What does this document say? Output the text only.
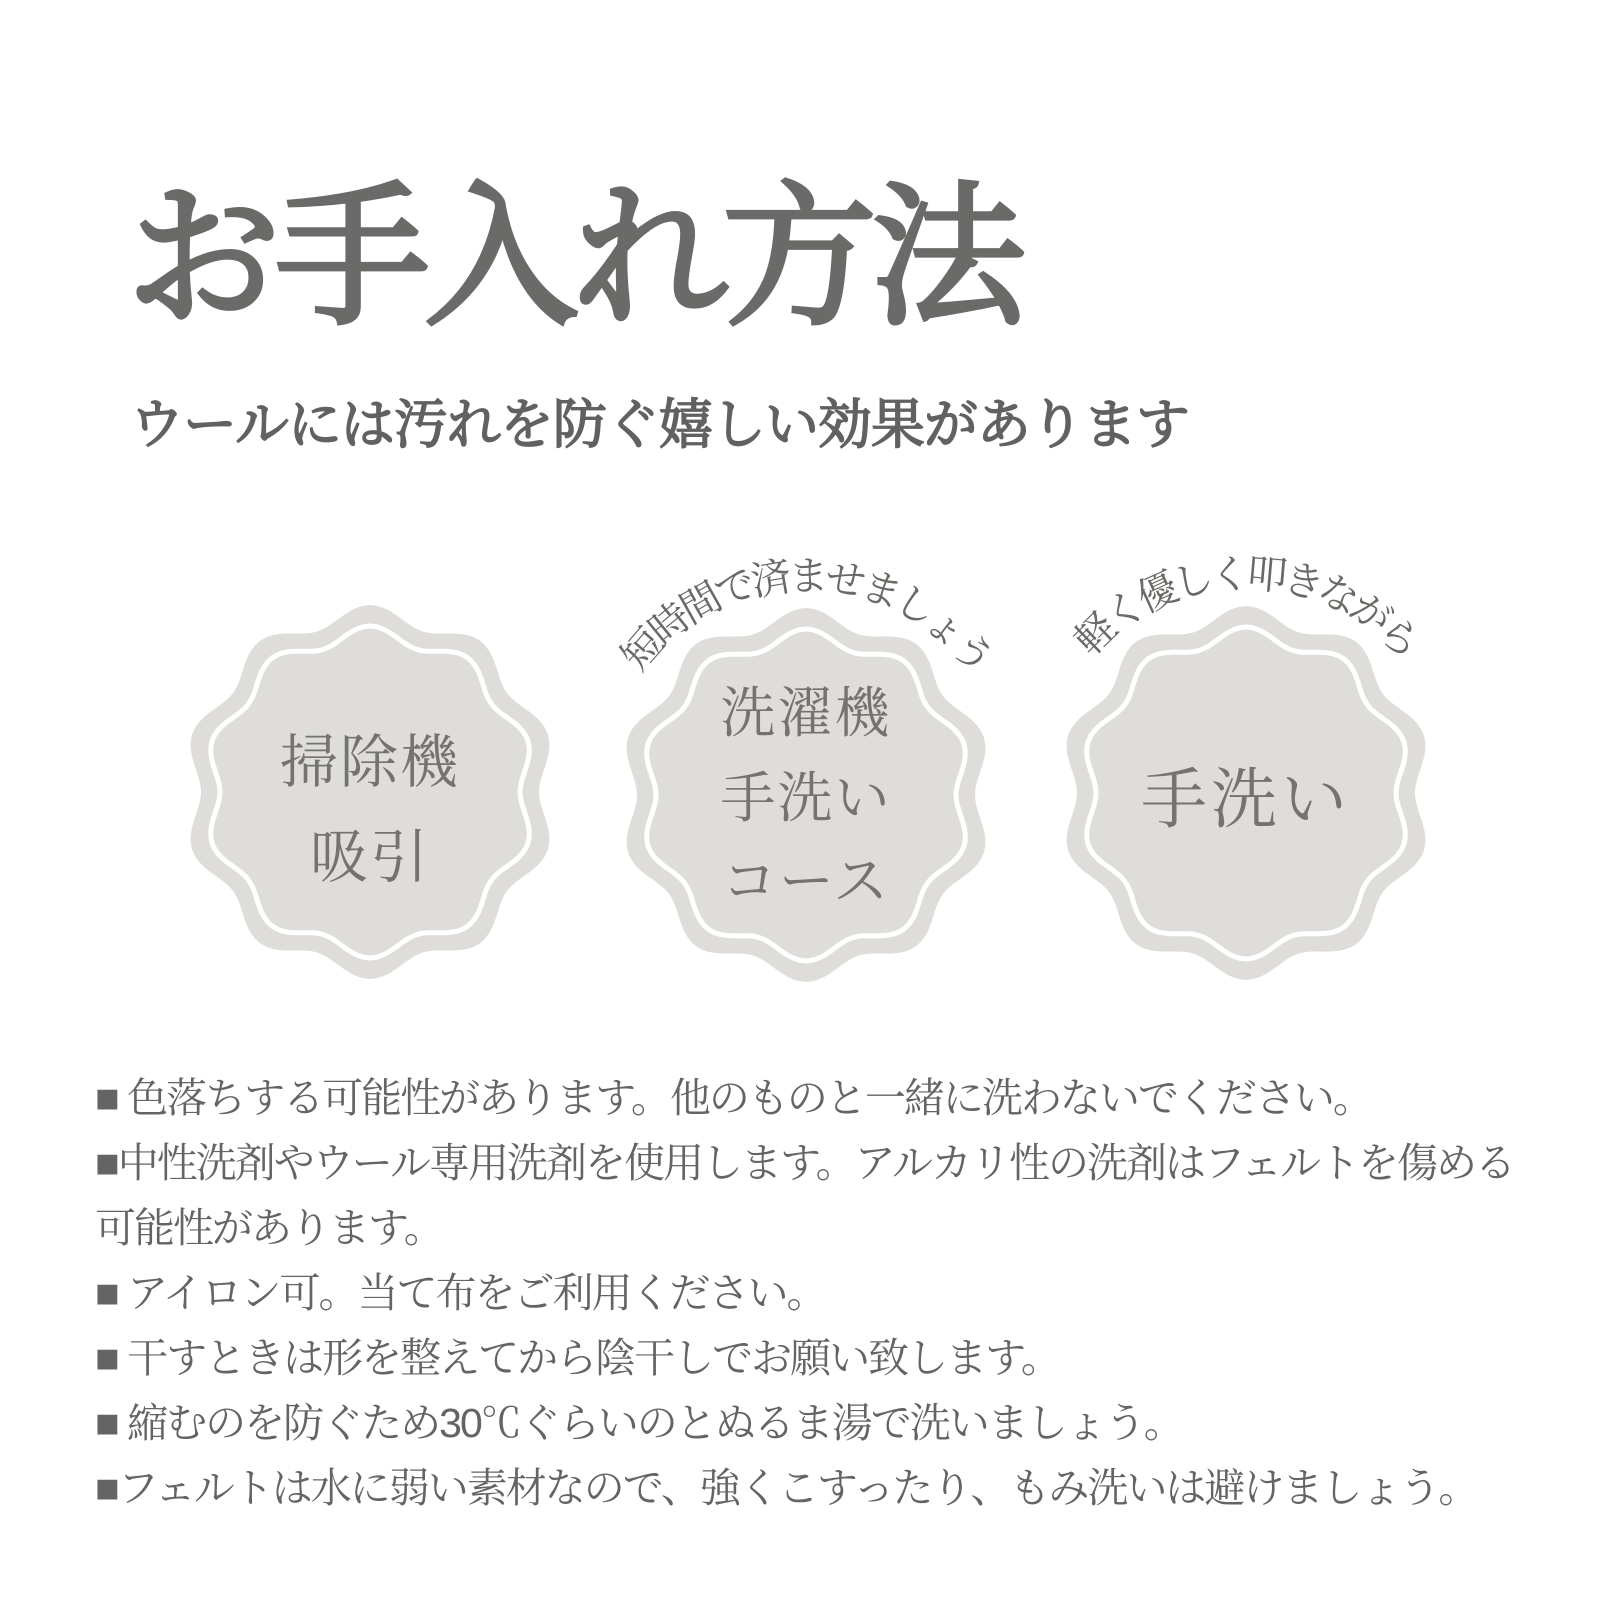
お手入れ方法
ウールには汚れを防ぐ嬉しい効果があります
掃除機
吸引
短時間で済ませましょう
洗濯機
手洗い
コース
軽く優しく叩きながら
手洗い
■ 色落ちする可能性があります。他のものと一緒に洗わないでください。
■中性洗剤やウール専用洗剤を使用します。アルカリ性の洗剤はフェルトを傷める
可能性があります。
■ アイロン可。当て布をご利用ください。
■ 干すときは形を整えてから陰干しでお願い致します。
■ 縮むのを防ぐため30℃ぐらいのとぬるま湯で洗いましょう。
■フェルトは水に弱い素材なので、強くこすったり、もみ洗いは避けましょう。
